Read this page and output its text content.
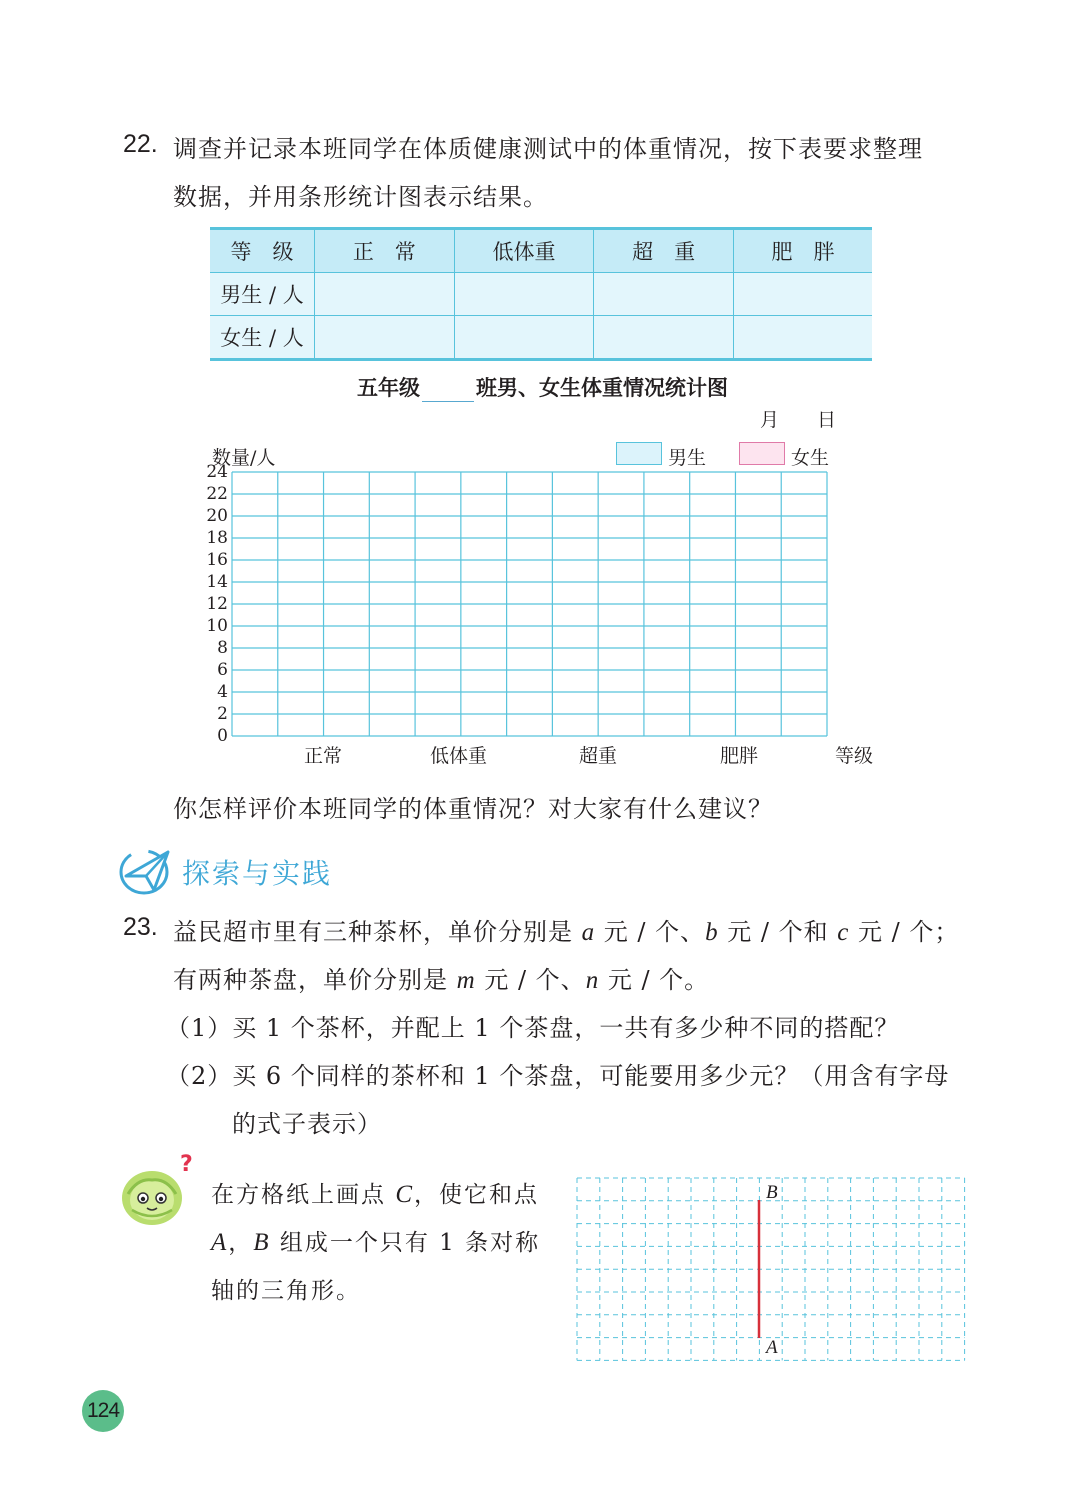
22. 调查并记录本班同学在体质健康测试中的体重情况，按下表要求整理
数据，并用条形统计图表示结果。
等　级	正　常	低体重	超　重	肥　胖
男生 / 人				
女生 / 人				
五年级	班男、女生体重情况统计图
月　　日
数量/人	男生	女生
0
2
4
6
8
10
12
14
16
18
20
22
24
正常	低体重	超重	肥胖	等级
你怎样评价本班同学的体重情况？对大家有什么建议？
探索与实践
23. 益民超市里有三种茶杯，单价分别是 a 元 / 个、b 元 / 个和 c 元 / 个；
有两种茶盘，单价分别是 m 元 / 个、n 元 / 个。
（1）买 1 个茶杯，并配上 1 个茶盘，一共有多少种不同的搭配？
（2）买 6 个同样的茶杯和 1 个茶盘，可能要用多少元？（用含有字母
的式子表示）
?
在方格纸上画点 C，使它和点
A，B 组成一个只有 1 条对称
轴的三角形。
B
A
124
